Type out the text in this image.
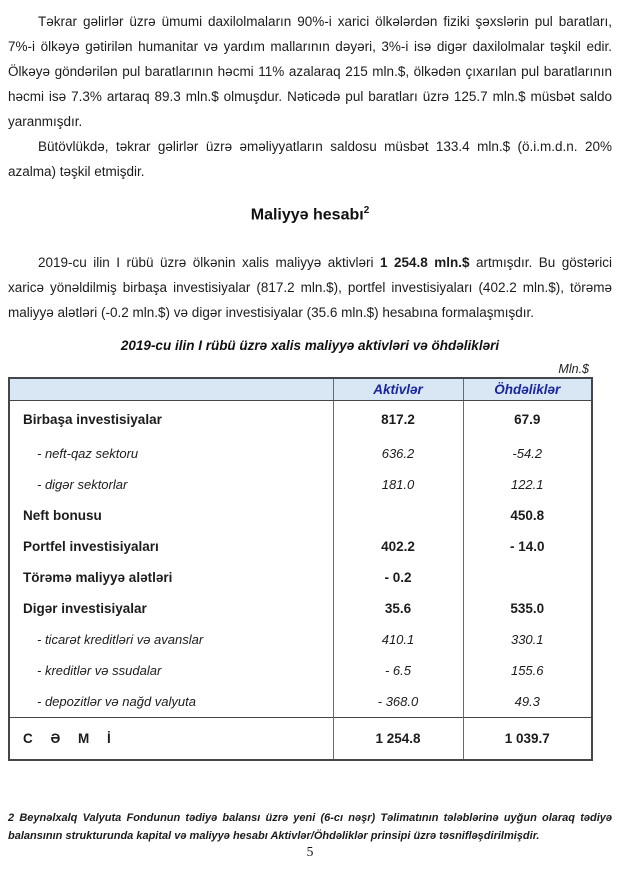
Təkrar gəlirlər üzrə ümumi daxilolmaların 90%-i xarici ölkələrdən fiziki şəxslərin pul baratları, 7%-i ölkəyə gətirilən humanitar və yardım mallarının dəyəri, 3%-i isə digər daxilolmalar təşkil edir. Ölkəyə göndərilən pul baratlarının həcmi 11% azalaraq 215 mln.$, ölkədən çıxarılan pul baratlarının həcmi isə 7.3% artaraq 89.3 mln.$ olmuşdur. Nəticədə pul baratları üzrə 125.7 mln.$ müsbət saldo yaranmışdır.

Bütövlükdə, təkrar gəlirlər üzrə əməliyyatların saldosu müsbət 133.4 mln.$ (ö.i.m.d.n. 20% azalma) təşkil etmişdir.

Maliyyə hesabı$^2$

2019-cu ilin I rübü üzrə ölkənin xalis maliyyə aktivləri 1 254.8 mln.$ artmışdır. Bu göstərici xaricə yönəldilmiş birbaşa investisiyalar (817.2 mln.$), portfel investisiyaları (402.2 mln.$), törəmə maliyyə alətləri (-0.2 mln.$) və digər investisiyalar (35.6 mln.$) hesabına formalaşmışdır.

2019-cu ilin I rübü üzrə xalis maliyyə aktivləri və öhdəlikləri
Mln.$
	Aktivlər	Öhdəliklər
Birbaşa investisiyalar	817.2	67.9
- neft-qaz sektoru	636.2	-54.2
- digər sektorlar	181.0	122.1
Neft bonusu		450.8
Portfel investisiyaları	402.2	- 14.0
Törəmə maliyyə alətləri	- 0.2	
Digər investisiyalar	35.6	535.0
- ticarət kreditləri və avanslar	410.1	330.1
- kreditlər və ssudalar	- 6.5	155.6
- depozitlər və nağd valyuta	- 368.0	49.3
C Ə M İ	1 254.8	1 039.7
2 Beynəlxalq Valyuta Fondunun tədiyə balansı üzrə yeni (6-cı nəşr) Təlimatının tələblərinə uyğun olaraq tədiyə balansının strukturunda kapital və maliyyə hesabı Aktivlər/Öhdəliklər prinsipi üzrə təsnifləşdirilmişdir.
5
